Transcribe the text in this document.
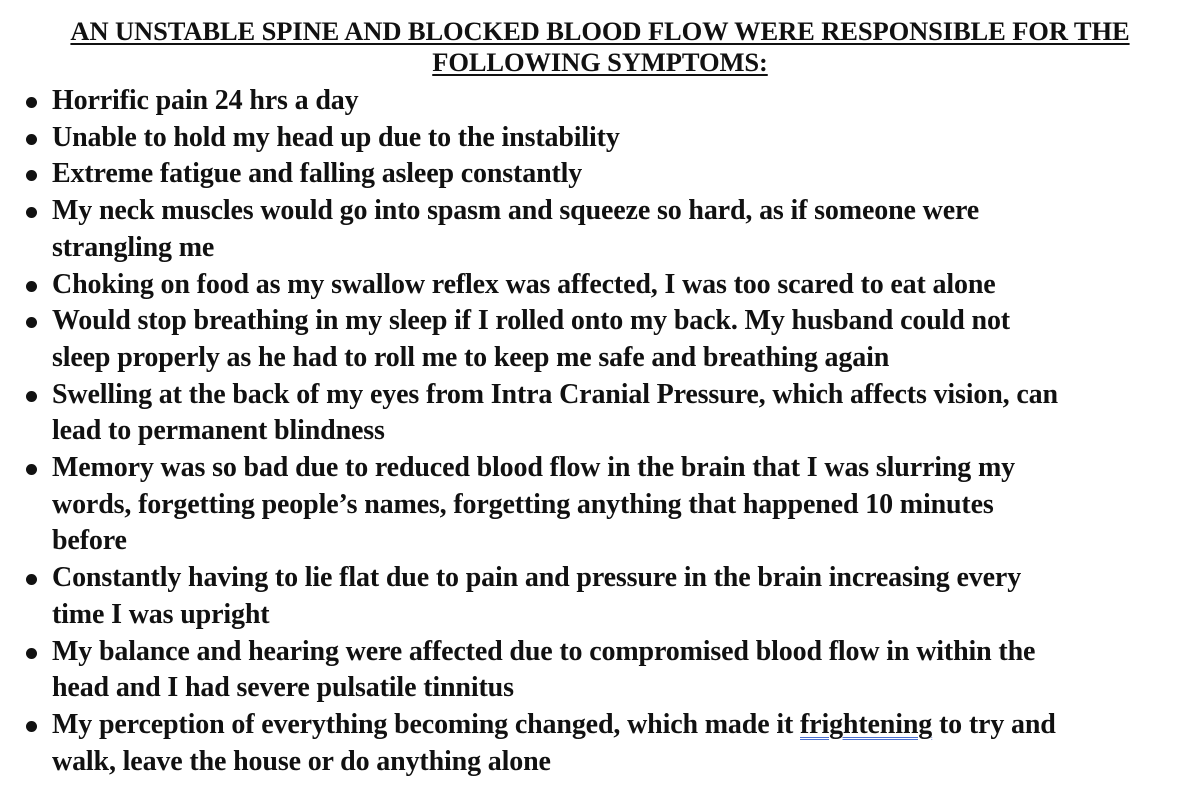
AN UNSTABLE SPINE AND BLOCKED BLOOD FLOW WERE RESPONSIBLE FOR THE FOLLOWING SYMPTOMS:
Horrific pain 24 hrs a day
Unable to hold my head up due to the instability
Extreme fatigue and falling asleep constantly
My neck muscles would go into spasm and squeeze so hard, as if someone were
strangling me
Choking on food as my swallow reflex was affected, I was too scared to eat alone
Would stop breathing in my sleep if I rolled onto my back. My husband could not
sleep properly as he had to roll me to keep me safe and breathing again
Swelling at the back of my eyes from Intra Cranial Pressure, which affects vision, can
lead to permanent blindness
Memory was so bad due to reduced blood flow in the brain that I was slurring my
words, forgetting people’s names, forgetting anything that happened 10 minutes
before
Constantly having to lie flat due to pain and pressure in the brain increasing every
time I was upright
My balance and hearing were affected due to compromised blood flow in within the
head and I had severe pulsatile tinnitus
My perception of everything becoming changed, which made it frightening to try and
walk, leave the house or do anything alone
